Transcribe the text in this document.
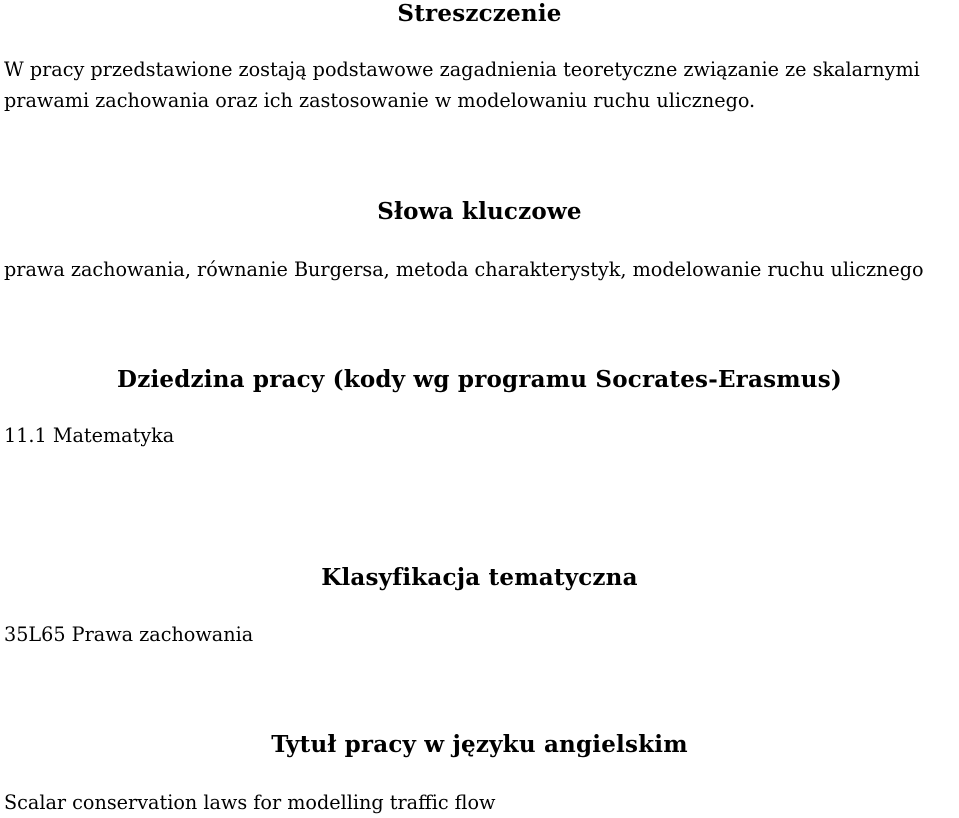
Streszczenie
W pracy przedstawione zostają podstawowe zagadnienia teoretyczne związanie ze skalarnymi
prawami zachowania oraz ich zastosowanie w modelowaniu ruchu ulicznego.
Słowa kluczowe
prawa zachowania, równanie Burgersa, metoda charakterystyk, modelowanie ruchu ulicznego
Dziedzina pracy (kody wg programu Socrates-Erasmus)
11.1 Matematyka
Klasyfikacja tematyczna
35L65 Prawa zachowania
Tytuł pracy w języku angielskim
Scalar conservation laws for modelling traffic flow
